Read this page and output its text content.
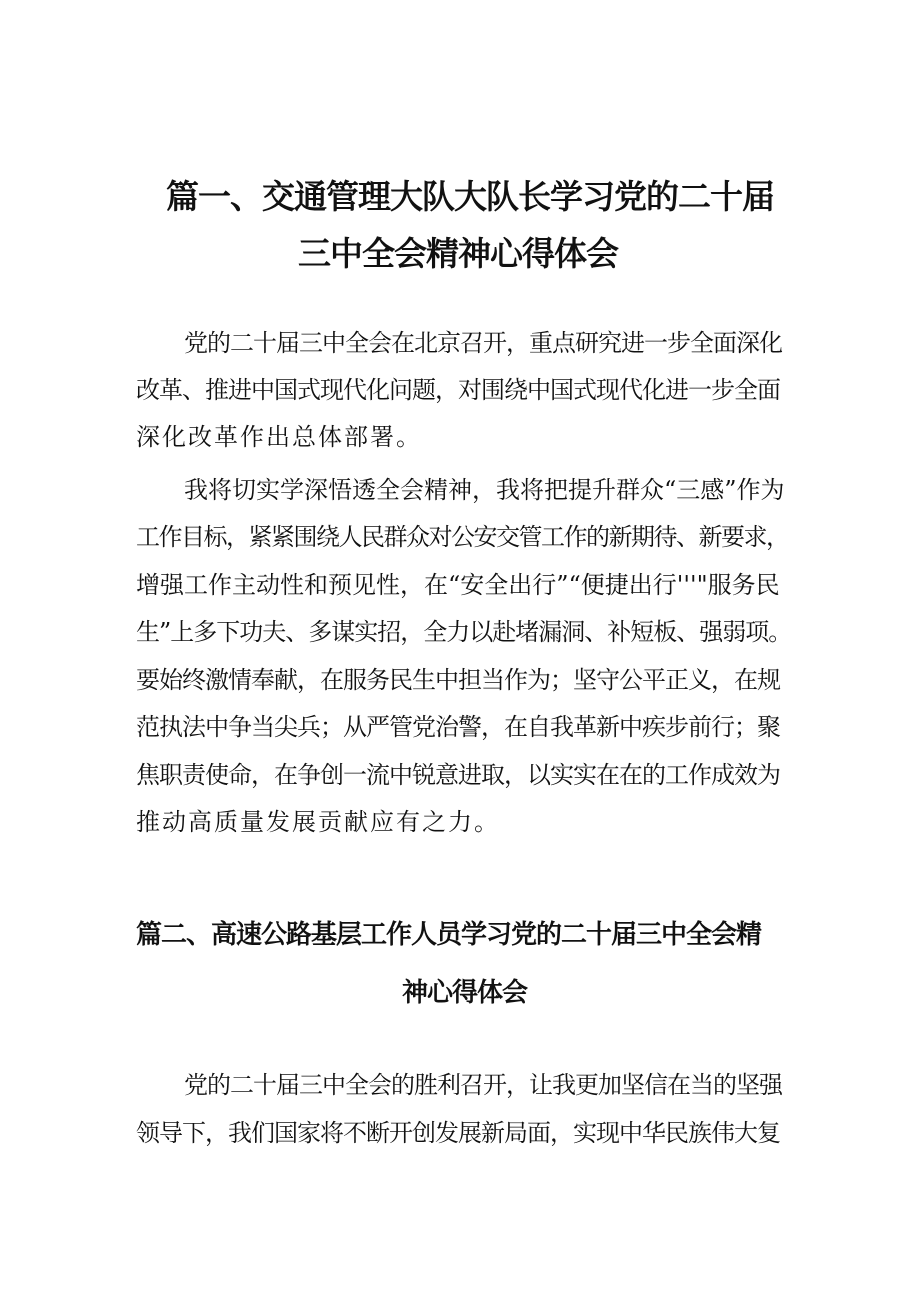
篇一、交通管理大队大队长学习党的二十届
三中全会精神心得体会
党的二十届三中全会在北京召开，重点研究进一步全面深化
改革、推进中国式现代化问题，对围绕中国式现代化进一步全面
深化改革作出总体部署。
我将切实学深悟透全会精神，我将把提升群众“三感”作为
工作目标，紧紧围绕人民群众对公安交管工作的新期待、新要求，
增强工作主动性和预见性，在“安全出行”“便捷出行'''"服务民
生”上多下功夫、多谋实招，全力以赴堵漏洞、补短板、强弱项。
要始终激情奉献，在服务民生中担当作为；坚守公平正义，在规
范执法中争当尖兵；从严管党治警，在自我革新中疾步前行；聚
焦职责使命，在争创一流中锐意进取，以实实在在的工作成效为
推动高质量发展贡献应有之力。
篇二、高速公路基层工作人员学习党的二十届三中全会精
神心得体会
党的二十届三中全会的胜利召开，让我更加坚信在当的坚强
领导下，我们国家将不断开创发展新局面，实现中华民族伟大复
